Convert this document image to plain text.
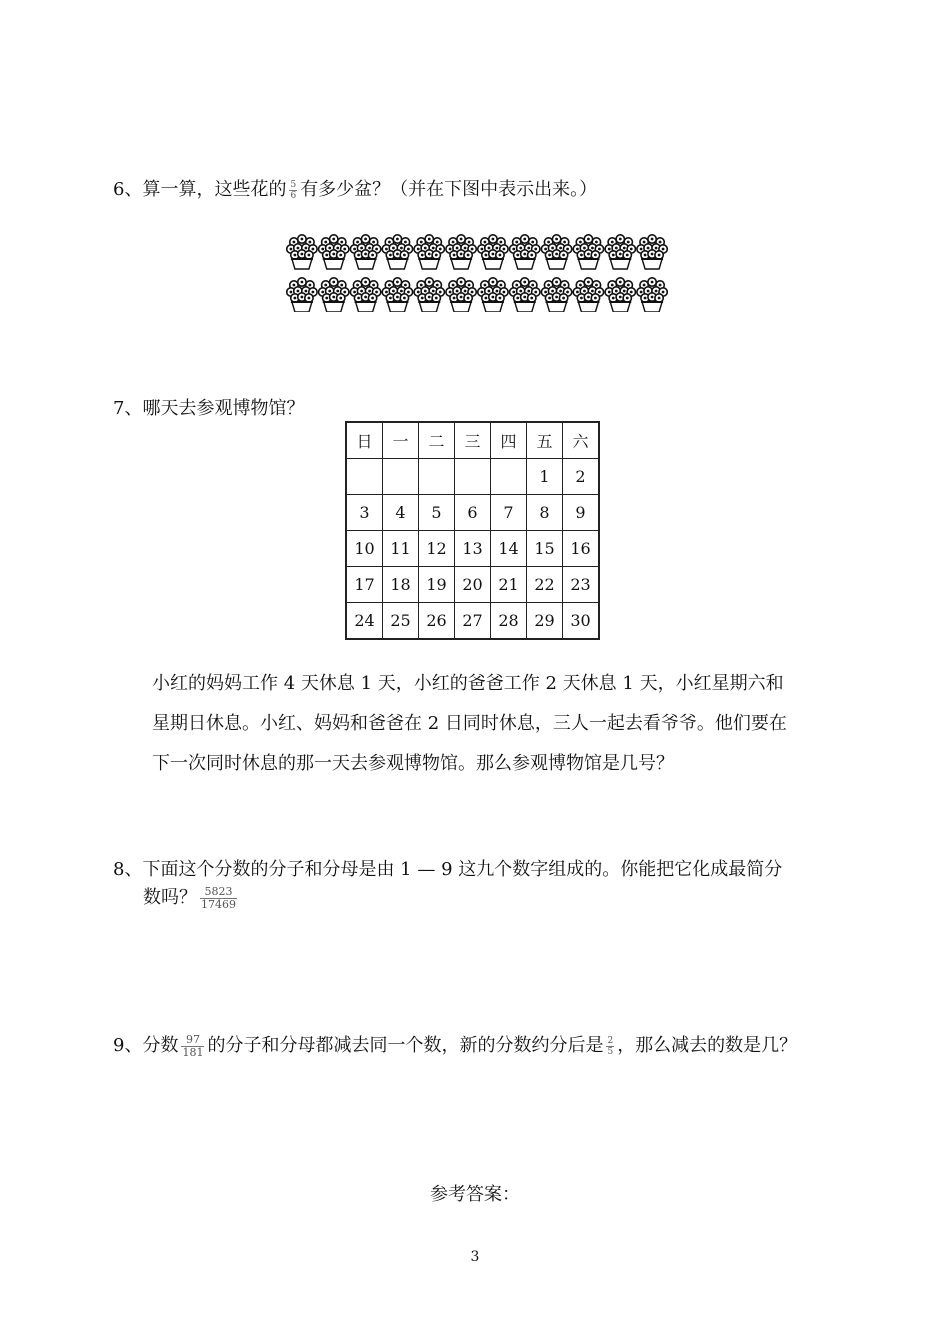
6、算一算，这些花的 $\frac{5}{6}$ 有多少盆？（并在下图中表示出来。）
7、哪天去参观博物馆？
日	一	二	三	四	五	六
					1	2
3	4	5	6	7	8	9
10	11	12	13	14	15	16
17	18	19	20	21	22	23
24	25	26	27	28	29	30
小红的妈妈工作 4 天休息 1 天，小红的爸爸工作 2 天休息 1 天，小红星期六和
星期日休息。小红、妈妈和爸爸在 2 日同时休息，三人一起去看爷爷。他们要在
下一次同时休息的那一天去参观博物馆。那么参观博物馆是几号？
8、下面这个分数的分子和分母是由 1 — 9 这九个数字组成的。你能把它化成最简分
数吗？ $\frac{5823}{17469}$
9、分数 $\frac{97}{181}$ 的分子和分母都减去同一个数，新的分数约分后是 $\frac{2}{5}$ ，那么减去的数是几？
参考答案：
3
